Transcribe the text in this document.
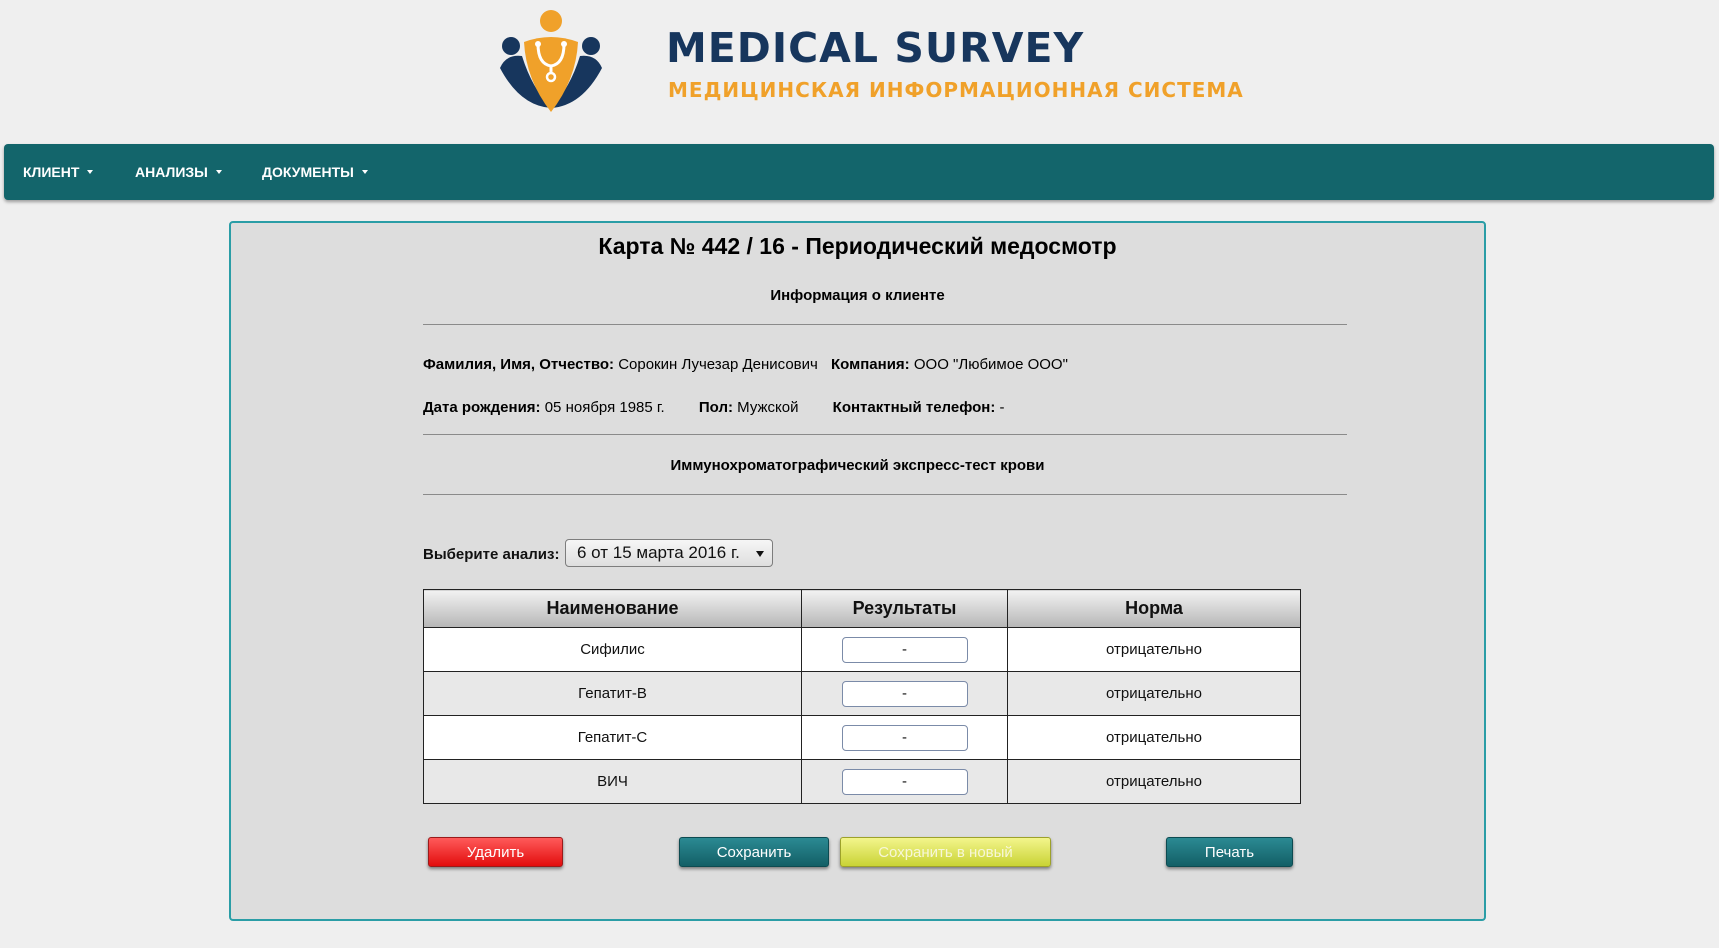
MEDICAL SURVEY
МЕДИЦИНСКАЯ ИНФОРМАЦИОННАЯ СИСТЕМА
КЛИЕНТ	АНАЛИЗЫ	ДОКУМЕНТЫ
Карта № 442 / 16 - Периодический медосмотр
Информация о клиенте
Фамилия, Имя, Отчество: Сорокин Лучезар Денисович Компания: ООО "Любимое ООО"
Дата рождения: 05 ноября 1985 г. Пол: Мужской Контактный телефон: -
Иммунохроматографический экспресс-тест крови
Выберите анализ:	6 от 15 марта 2016 г.
Наименование	Результаты	Норма
Сифилис	-	отрицательно
Гепатит-В	-	отрицательно
Гепатит-С	-	отрицательно
ВИЧ	-	отрицательно
Удалить	Сохранить	Сохранить в новый	Печать
